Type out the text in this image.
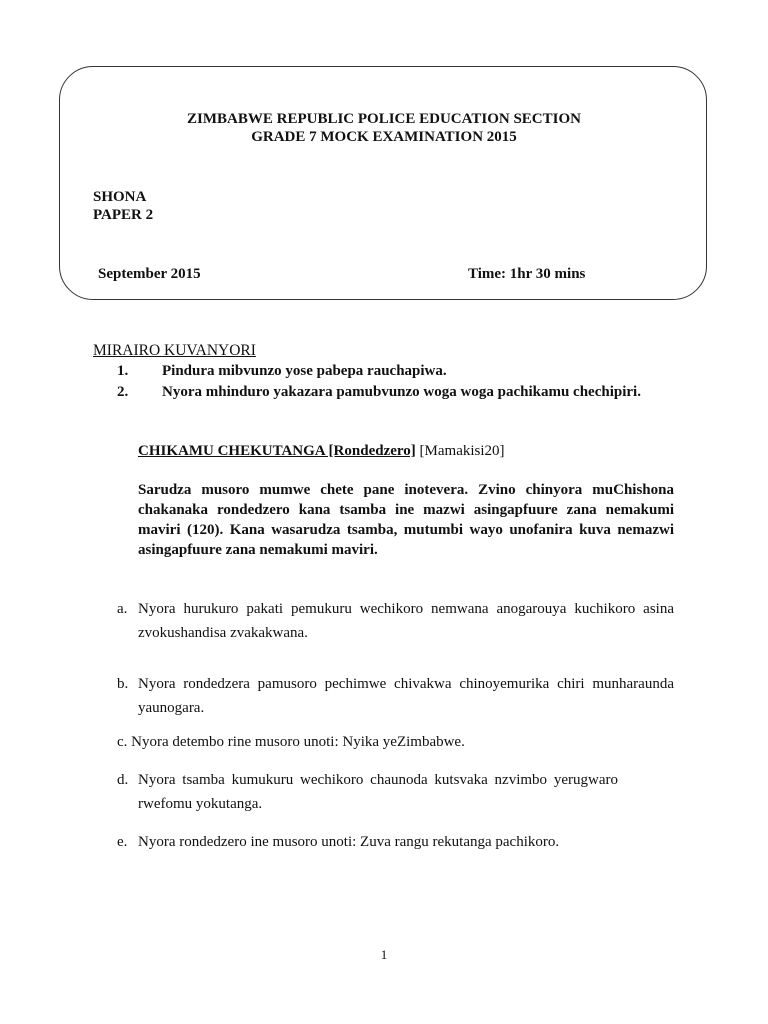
ZIMBABWE REPUBLIC POLICE EDUCATION SECTION
GRADE 7 MOCK EXAMINATION 2015
SHONA
PAPER 2
September 2015	Time: 1hr 30 mins
MIRAIRO KUVANYORI
1. Pindura mibvunzo yose pabepa rauchapiwa.
2. Nyora mhinduro yakazara pamubvunzo woga woga pachikamu chechipiri.
CHIKAMU CHEKUTANGA [Rondedzero] [Mamakisi20]
Sarudza musoro mumwe chete pane inotevera. Zvino chinyora muChishona chakanaka rondedzero kana tsamba ine mazwi asingapfuure zana nemakumi maviri (120). Kana wasarudza tsamba, mutumbi wayo unofanira kuva nemazwi asingapfuure zana nemakumi maviri.
a. Nyora hurukuro pakati pemukuru wechikoro nemwana anogarouya kuchikoro asina zvokushandisa zvakakwana.
b. Nyora rondedzera pamusoro pechimwe chivakwa chinoyemurika chiri munharaunda yaunogara.
c. Nyora detembo rine musoro unoti: Nyika yeZimbabwe.
d. Nyora tsamba kumukuru wechikoro chaunoda kutsvaka nzvimbo yerugwaro rwefomu yokutanga.
e. Nyora rondedzero ine musoro unoti: Zuva rangu rekutanga pachikoro.
1
